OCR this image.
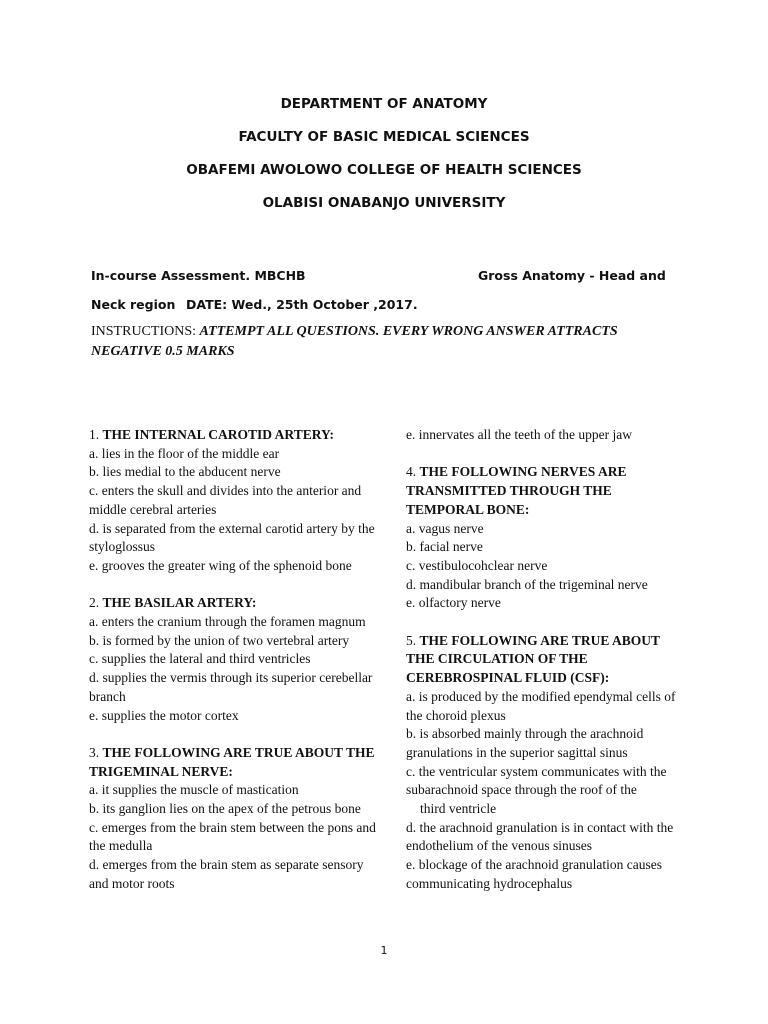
DEPARTMENT OF ANATOMY
FACULTY OF BASIC MEDICAL SCIENCES
OBAFEMI AWOLOWO COLLEGE OF HEALTH SCIENCES
OLABISI ONABANJO UNIVERSITY
In-course Assessment. MBCHB	Gross Anatomy - Head and
Neck region DATE: Wed., 25th October ,2017.
INSTRUCTIONS: ATTEMPT ALL QUESTIONS. EVERY WRONG ANSWER ATTRACTS NEGATIVE 0.5 MARKS
1. THE INTERNAL CAROTID ARTERY:
a. lies in the floor of the middle ear
b. lies medial to the abducent nerve
c. enters the skull and divides into the anterior and middle cerebral arteries
d. is separated from the external carotid artery by the styloglossus
e. grooves the greater wing of the sphenoid bone
2. THE BASILAR ARTERY:
a. enters the cranium through the foramen magnum
b. is formed by the union of two vertebral artery
c. supplies the lateral and third ventricles
d. supplies the vermis through its superior cerebellar branch
e. supplies the motor cortex
3. THE FOLLOWING ARE TRUE ABOUT THE TRIGEMINAL NERVE:
a. it supplies the muscle of mastication
b. its ganglion lies on the apex of the petrous bone
c. emerges from the brain stem between the pons and the medulla
d. emerges from the brain stem as separate sensory and motor roots
e. innervates all the teeth of the upper jaw
4. THE FOLLOWING NERVES ARE TRANSMITTED THROUGH THE TEMPORAL BONE:
a. vagus nerve
b. facial nerve
c. vestibulocohclear nerve
d. mandibular branch of the trigeminal nerve
e. olfactory nerve
5. THE FOLLOWING ARE TRUE ABOUT THE CIRCULATION OF THE CEREBROSPINAL FLUID (CSF):
a. is produced by the modified ependymal cells of the choroid plexus
b. is absorbed mainly through the arachnoid granulations in the superior sagittal sinus
c. the ventricular system communicates with the subarachnoid space through the roof of the
third ventricle
d. the arachnoid granulation is in contact with the endothelium of the venous sinuses
e. blockage of the arachnoid granulation causes communicating hydrocephalus
1
